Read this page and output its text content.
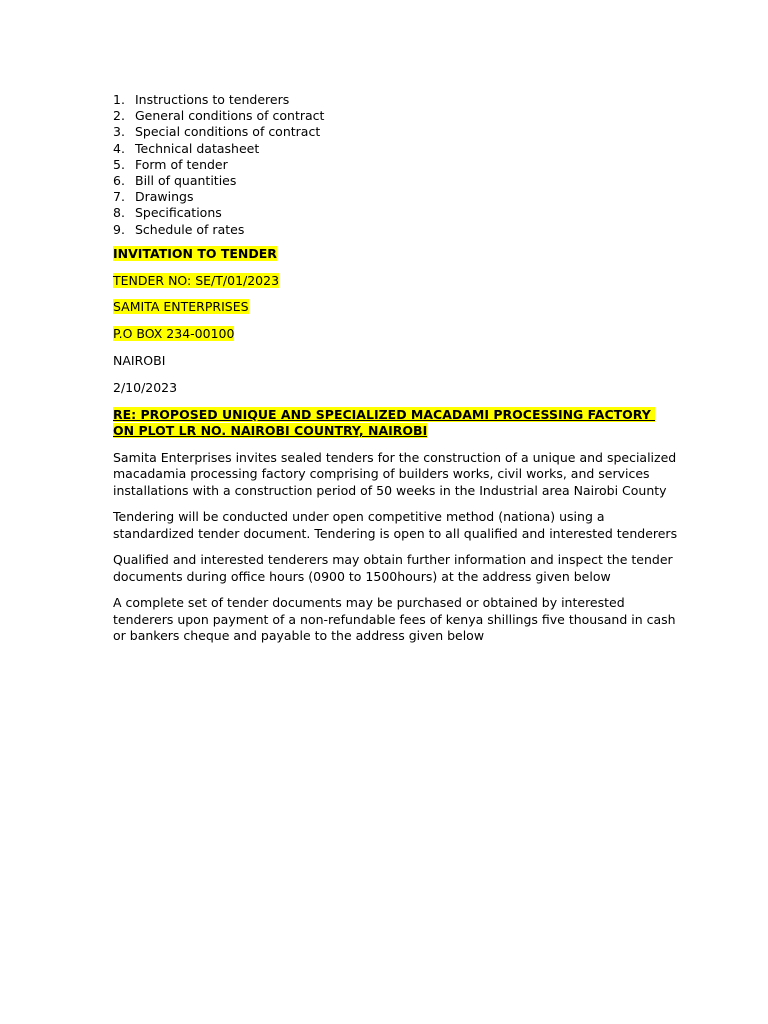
1. Instructions to tenderers
2. General conditions of contract
3. Special conditions of contract
4. Technical datasheet
5. Form of tender
6. Bill of quantities
7. Drawings
8. Specifications
9. Schedule of rates

INVITATION TO TENDER

TENDER NO: SE/T/01/2023

SAMITA ENTERPRISES

P.O BOX 234-00100

NAIROBI

2/10/2023

RE: PROPOSED UNIQUE AND SPECIALIZED MACADAMI PROCESSING FACTORY
ON PLOT LR NO. NAIROBI COUNTRY, NAIROBI

Samita Enterprises invites sealed tenders for the construction of a unique and specialized macadamia processing factory comprising of builders works, civil works, and services installations with a construction period of 50 weeks in the Industrial area Nairobi County

Tendering will be conducted under open competitive method (nationa) using a standardized tender document. Tendering is open to all qualified and interested tenderers

Qualified and interested tenderers may obtain further information and inspect the tender documents during office hours (0900 to 1500hours) at the address given below

A complete set of tender documents may be purchased or obtained by interested tenderers upon payment of a non-refundable fees of kenya shillings five thousand in cash or bankers cheque and payable to the address given below
